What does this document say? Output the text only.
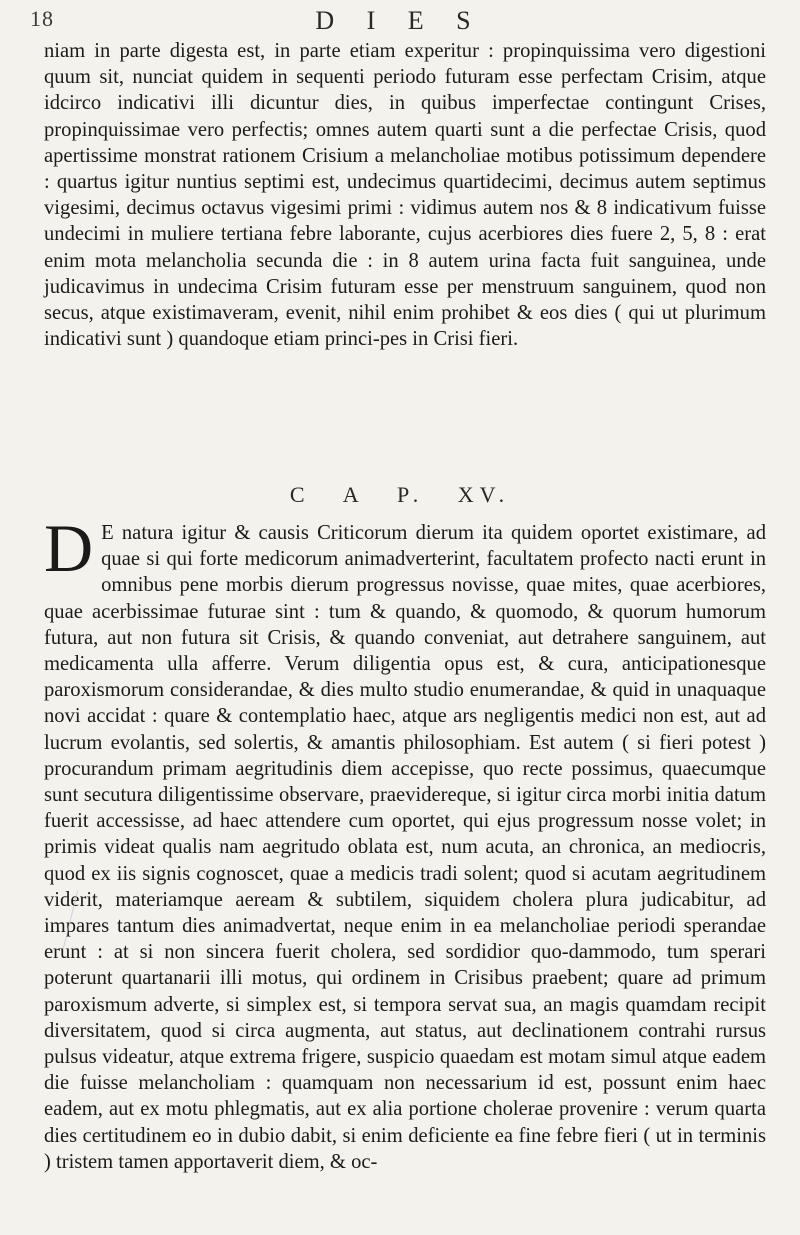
18	D I E S

niam in parte digesta est, in parte etiam experitur : propinquissima vero digestioni quum sit, nunciat quidem in sequenti periodo futuram esse perfectam Crisim, atque idcirco indicativi illi dicuntur dies, in quibus imperfectae contingunt Crises, propinquissimae vero perfectis; omnes autem quarti sunt a die perfectae Crisis, quod apertissime monstrat rationem Crisium a melancholiae motibus potissimum dependere : quartus igitur nuntius septimi est, undecimus quartidecimi, decimus autem septimus vigesimi, decimus octavus vigesimi primi : vidimus autem nos & 8 indicativum fuisse undecimi in muliere tertiana febre laborante, cujus acerbiores dies fuere 2, 5, 8 : erat enim mota melancholia secunda die : in 8 autem urina facta fuit sanguinea, unde judicavimus in undecima Crisim futuram esse per menstruum sanguinem, quod non secus, atque existimaveram, evenit, nihil enim prohibet & eos dies ( qui ut plurimum indicativi sunt ) quandoque etiam princi-pes in Crisi fieri.

C A P. XV.
D E natura igitur & causis Criticorum dierum ita quidem oportet existimare, ad quae si qui forte medicorum animadverterint, facultatem profecto nacti erunt in omnibus pene morbis dierum progressus novisse, quae mites, quae acerbiores, quae acerbissimae futurae sint : tum & quando, & quomodo, & quorum humorum futura, aut non futura sit Crisis, & quando conveniat, aut detrahere sanguinem, aut medicamenta ulla afferre. Verum diligentia opus est, & cura, anticipationesque paroxismorum considerandae, & dies multo studio enumerandae, & quid in unaquaque novi accidat : quare & contemplatio haec, atque ars negligentis medici non est, aut ad lucrum evolantis, sed solertis, & amantis philosophiam. Est autem ( si fieri potest ) procurandum primam aegritudinis diem accepisse, quo recte possimus, quaecumque sunt secutura diligentissime observare, praevidereque, si igitur circa morbi initia datum fuerit accessisse, ad haec attendere cum oportet, qui ejus progressum nosse volet; in primis videat qualis nam aegritudo oblata est, num acuta, an chronica, an mediocris, quod ex iis signis cognoscet, quae a medicis tradi solent; quod si acutam aegritudinem viderit, materiamque aeream & subtilem, siquidem cholera plura judicabitur, ad impares tantum dies animadvertat, neque enim in ea melancholiae periodi sperandae erunt : at si non sincera fuerit cholera, sed sordidior quo-dammodo, tum sperari poterunt quartanarii illi motus, qui ordinem in Crisibus praebent; quare ad primum paroxismum adverte, si simplex est, si tempora servat sua, an magis quamdam recipit diversitatem, quod si circa augmenta, aut status, aut declinationem contrahi rursus pulsus videatur, atque extrema frigere, suspicio quaedam est motam simul atque eadem die fuisse melancholiam : quamquam non necessarium id est, possunt enim haec eadem, aut ex motu phlegmatis, aut ex alia portione cholerae provenire : verum quarta dies certitudinem eo in dubio dabit, si enim deficiente ea fine febre fieri ( ut in terminis ) tristem tamen apportaverit diem, & oc-
